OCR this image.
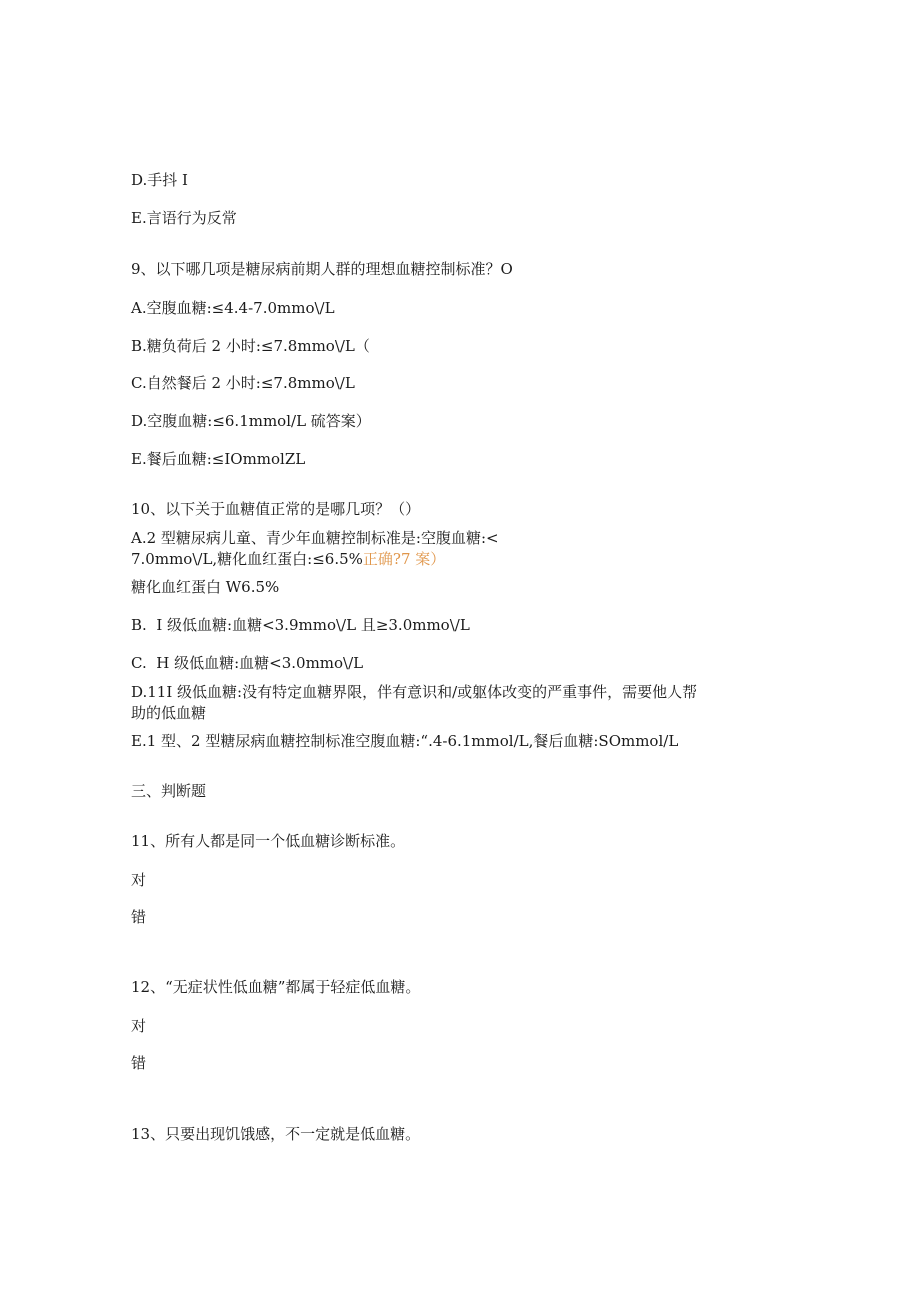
D.手抖 I
E.言语行为反常
9、以下哪几项是糖尿病前期人群的理想血糖控制标准？O
A.空腹血糖:≤4.4-7.0mmo\/L
B.糖负荷后 2 小时:≤7.8mmo\/L（
C.自然餐后 2 小时:≤7.8mmo\/L
D.空腹血糖:≤6.1mmol/L 硫答案）
E.餐后血糖:≤IOmmolZL
10、以下关于血糖值正常的是哪几项？（）
A.2 型糖尿病儿童、青少年血糖控制标准是:空腹血糖:<
7.0mmo\/L,糖化血红蛋白:≤6.5%正确?7 案）
糖化血红蛋白 W6.5%
B.  I 级低血糖:血糖<3.9mmo\/L 且≥3.0mmo\/L
C.  H 级低血糖:血糖<3.0mmo\/L
D.11I 级低血糖:没有特定血糖界限，伴有意识和/或躯体改变的严重事件，需要他人帮
助的低血糖
E.1 型、2 型糖尿病血糖控制标准空腹血糖:“.4-6.1mmol/L,餐后血糖:SOmmol/L
三、判断题
11、所有人都是同一个低血糖诊断标准。
对
错
12、“无症状性低血糖”都属于轻症低血糖。
对
错
13、只要出现饥饿感，不一定就是低血糖。
